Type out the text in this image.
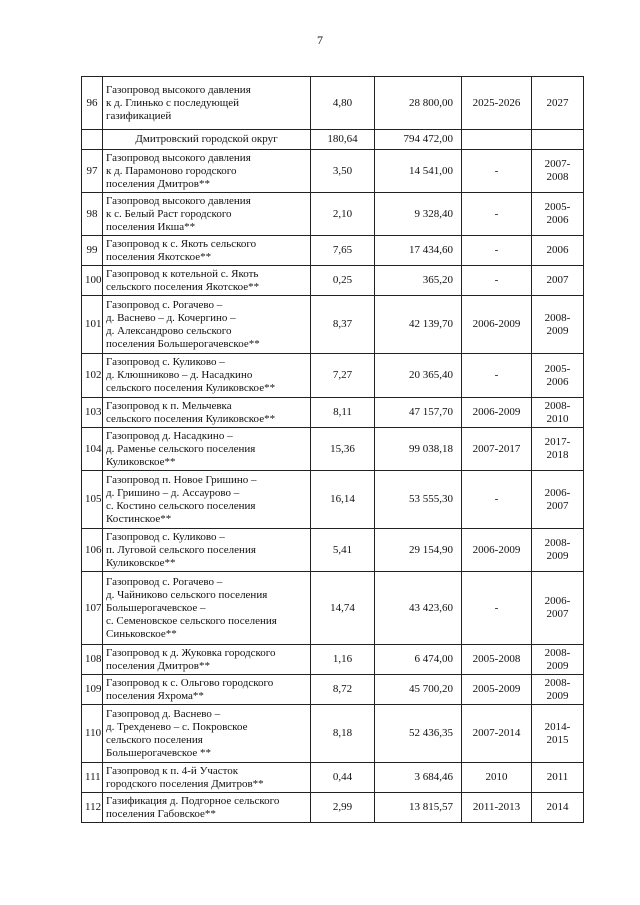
7
96	Газопровод высокого давления
к д. Глинько с последующей
газификацией	4,80	28 800,00	2025-2026	2027
	Дмитровский городской округ	180,64	794 472,00		
97	Газопровод высокого давления
к д. Парамоново городского
поселения Дмитров**	3,50	14 541,00	-	2007-2008
98	Газопровод высокого давления
к с. Белый Раст городского
поселения Икша**	2,10	9 328,40	-	2005-2006
99	Газопровод к с. Якоть сельского
поселения Якотское**	7,65	17 434,60	-	2006
100	Газопровод к котельной с. Якоть
сельского поселения Якотское**	0,25	365,20	-	2007
101	Газопровод с. Рогачево –
д. Васнево – д. Кочергино –
д. Александрово сельского
поселения Большерогачевское**	8,37	42 139,70	2006-2009	2008-2009
102	Газопровод с. Куликово –
д. Клюшниково – д. Насадкино
сельского поселения Куликовское**	7,27	20 365,40	-	2005-2006
103	Газопровод к п. Мельчевка
сельского поселения Куликовское**	8,11	47 157,70	2006-2009	2008-2010
104	Газопровод д. Насадкино –
д. Раменье сельского поселения
Куликовское**	15,36	99 038,18	2007-2017	2017-2018
105	Газопровод п. Новое Гришино –
д. Гришино – д. Ассаурово –
с. Костино сельского поселения
Костинское**	16,14	53 555,30	-	2006-2007
106	Газопровод с. Куликово –
п. Луговой сельского поселения
Куликовское**	5,41	29 154,90	2006-2009	2008-2009
107	Газопровод с. Рогачево –
д. Чайниково сельского поселения
Большерогачевское –
с. Семеновское сельского поселения
Синьковское**	14,74	43 423,60	-	2006-2007
108	Газопровод к д. Жуковка городского
поселения Дмитров**	1,16	6 474,00	2005-2008	2008-2009
109	Газопровод к с. Ольгово городского
поселения Яхрома**	8,72	45 700,20	2005-2009	2008-2009
110	Газопровод д. Васнево –
д. Трехденево – с. Покровское
сельского поселения
Большерогачевское **	8,18	52 436,35	2007-2014	2014-2015
111	Газопровод к п. 4-й Участок
городского поселения Дмитров**	0,44	3 684,46	2010	2011
112	Газификация д. Подгорное сельского
поселения Габовское**	2,99	13 815,57	2011-2013	2014
